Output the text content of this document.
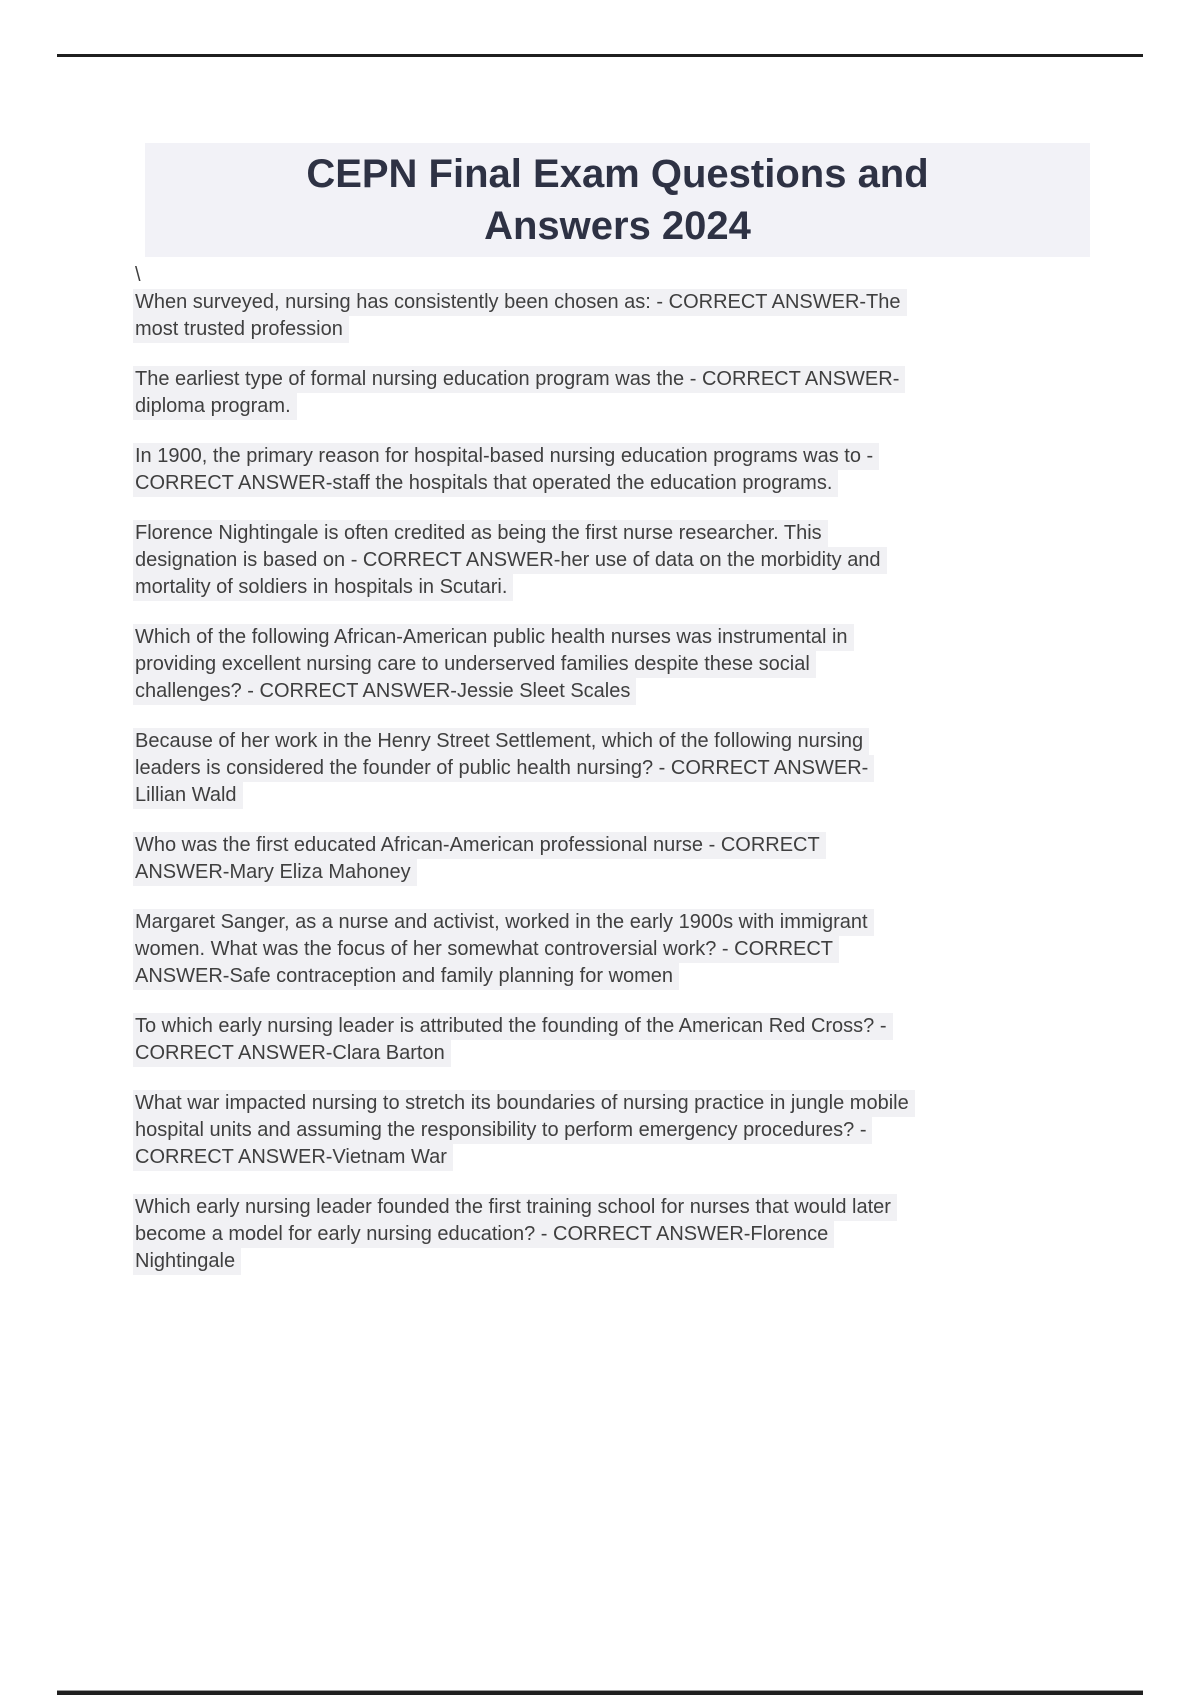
CEPN Final Exam Questions and
Answers 2024
\

When surveyed, nursing has consistently been chosen as: - CORRECT ANSWER-The
most trusted profession

The earliest type of formal nursing education program was the - CORRECT ANSWER-
diploma program.

In 1900, the primary reason for hospital-based nursing education programs was to -
CORRECT ANSWER-staff the hospitals that operated the education programs.

Florence Nightingale is often credited as being the first nurse researcher. This
designation is based on - CORRECT ANSWER-her use of data on the morbidity and
mortality of soldiers in hospitals in Scutari.

Which of the following African-American public health nurses was instrumental in
providing excellent nursing care to underserved families despite these social
challenges? - CORRECT ANSWER-Jessie Sleet Scales

Because of her work in the Henry Street Settlement, which of the following nursing
leaders is considered the founder of public health nursing? - CORRECT ANSWER-
Lillian Wald

Who was the first educated African-American professional nurse - CORRECT
ANSWER-Mary Eliza Mahoney

Margaret Sanger, as a nurse and activist, worked in the early 1900s with immigrant
women. What was the focus of her somewhat controversial work? - CORRECT
ANSWER-Safe contraception and family planning for women

To which early nursing leader is attributed the founding of the American Red Cross? -
CORRECT ANSWER-Clara Barton

What war impacted nursing to stretch its boundaries of nursing practice in jungle mobile
hospital units and assuming the responsibility to perform emergency procedures? -
CORRECT ANSWER-Vietnam War

Which early nursing leader founded the first training school for nurses that would later
become a model for early nursing education? - CORRECT ANSWER-Florence
Nightingale
